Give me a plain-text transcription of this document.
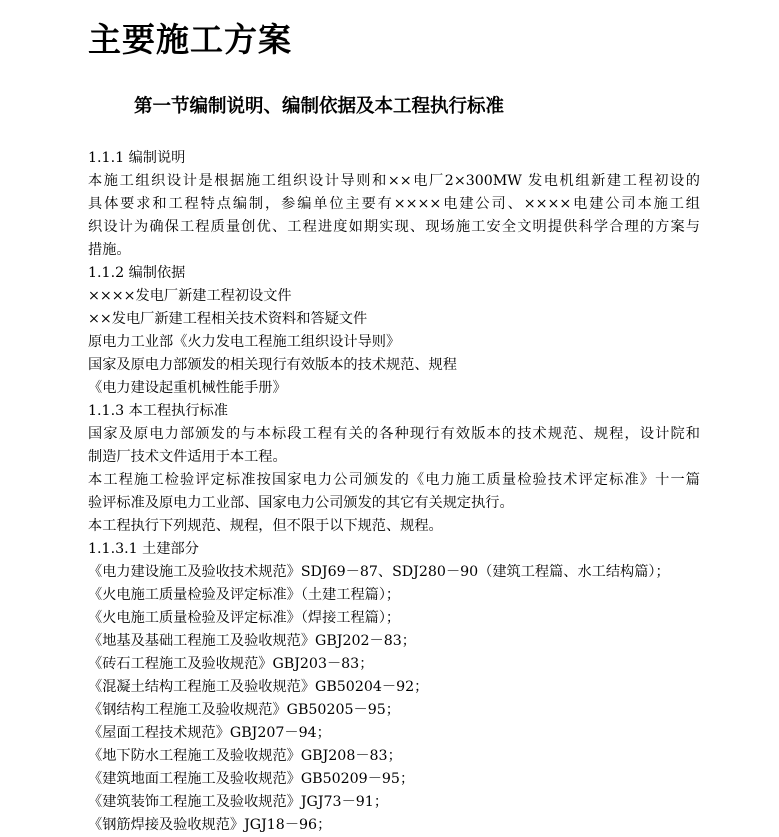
主要施工方案
第一节编制说明、编制依据及本工程执行标准
1.1.1 编制说明
本施工组织设计是根据施工组织设计导则和××电厂2×300MW 发电机组新建工程初设的
具体要求和工程特点编制，参编单位主要有××××电建公司、××××电建公司本施工组
织设计为确保工程质量创优、工程进度如期实现、现场施工安全文明提供科学合理的方案与
措施。
1.1.2 编制依据
××××发电厂新建工程初设文件
××发电厂新建工程相关技术资料和答疑文件
原电力工业部《火力发电工程施工组织设计导则》
国家及原电力部颁发的相关现行有效版本的技术规范、规程
《电力建设起重机械性能手册》
1.1.3 本工程执行标准
国家及原电力部颁发的与本标段工程有关的各种现行有效版本的技术规范、规程，设计院和
制造厂技术文件适用于本工程。
本工程施工检验评定标准按国家电力公司颁发的《电力施工质量检验技术评定标准》十一篇
验评标准及原电力工业部、国家电力公司颁发的其它有关规定执行。
本工程执行下列规范、规程，但不限于以下规范、规程。
1.1.3.1 土建部分
《电力建设施工及验收技术规范》SDJ69－87、SDJ280－90（建筑工程篇、水工结构篇）；
《火电施工质量检验及评定标准》（土建工程篇）；
《火电施工质量检验及评定标准》（焊接工程篇）；
《地基及基础工程施工及验收规范》GBJ202－83；
《砖石工程施工及验收规范》GBJ203－83；
《混凝土结构工程施工及验收规范》GB50204－92；
《钢结构工程施工及验收规范》GB50205－95；
《屋面工程技术规范》GBJ207－94；
《地下防水工程施工及验收规范》GBJ208－83；
《建筑地面工程施工及验收规范》GB50209－95；
《建筑装饰工程施工及验收规范》JGJ73－91；
《钢筋焊接及验收规范》JGJ18－96；
